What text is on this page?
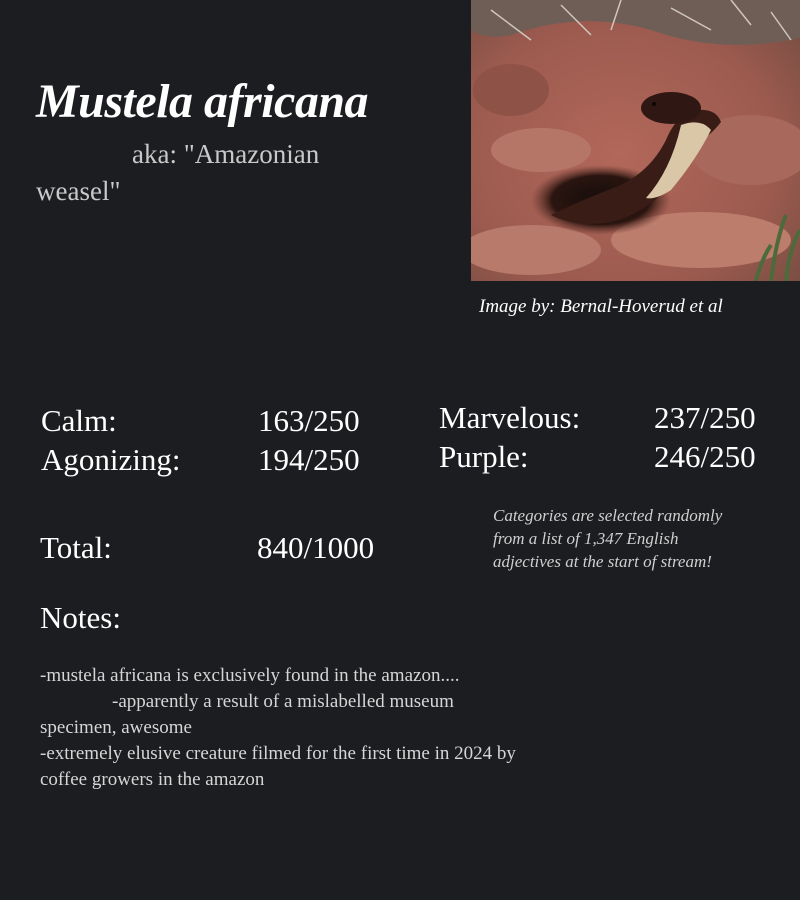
Mustela africana
aka: "Amazonian weasel"
Image by: Bernal-Hoverud et al
Calm:	163/250
Agonizing:	194/250
Marvelous: 237/250
Purple:	246/250
Total:	840/1000
Categories are selected randomly from a list of 1,347 English adjectives at the start of stream!
Notes:
-mustela africana is exclusively found in the amazon....
-apparently a result of a mislabelled museum specimen, awesome
-extremely elusive creature filmed for the first time in 2024 by coffee growers in the amazon
